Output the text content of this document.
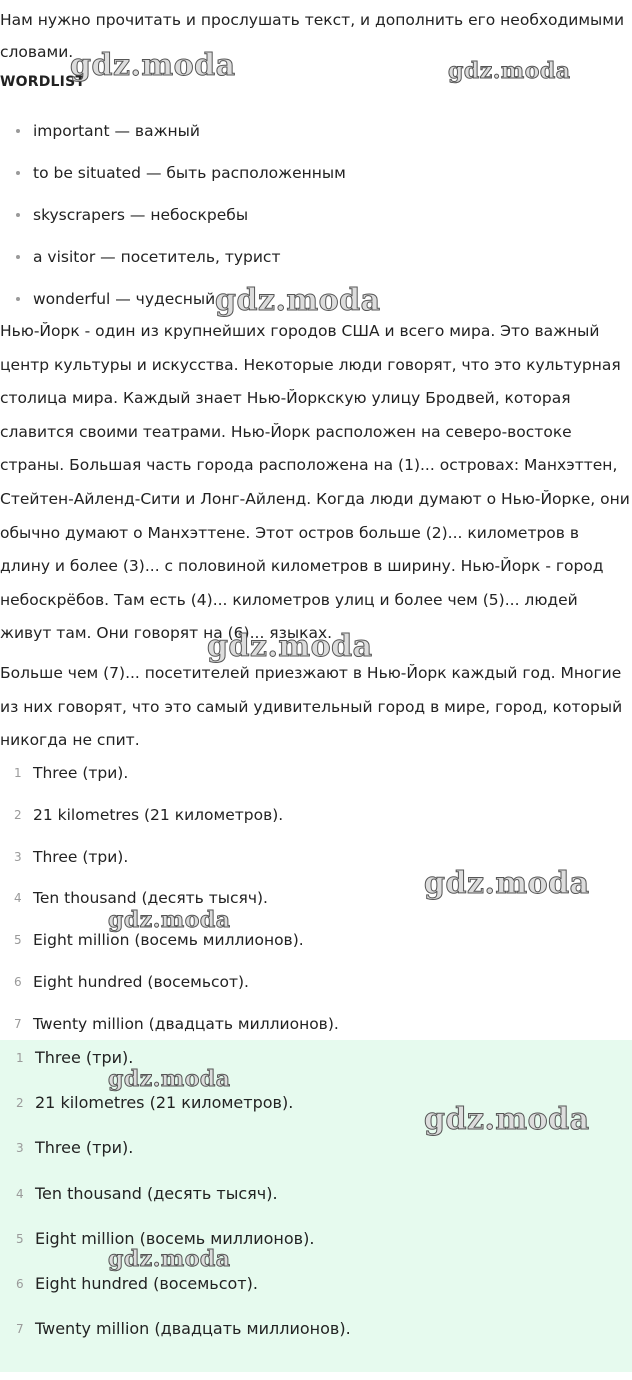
Нам нужно прочитать и прослушать текст, и дополнить его необходимыми словами.

WORDLIST

important — важный
to be situated — быть расположенным
skyscrapers — небоскребы
a visitor — посетитель, турист
wonderful — чудесный

Нью-Йорк - один из крупнейших городов США и всего мира. Это важный центр культуры и искусства. Некоторые люди говорят, что это культурная столица мира. Каждый знает Нью-Йоркскую улицу Бродвей, которая славится своими театрами. Нью-Йорк расположен на северо-востоке страны. Большая часть города расположена на (1)... островах: Манхэттен, Стейтен-Айленд-Сити и Лонг-Айленд. Когда люди думают о Нью-Йорке, они обычно думают о Манхэттене. Этот остров больше (2)... километров в длину и более (3)... с половиной километров в ширину. Нью-Йорк - город небоскрёбов. Там есть (4)... километров улиц и более чем (5)... людей живут там. Они говорят на (6)... языках.

Больше чем (7)... посетителей приезжают в Нью-Йорк каждый год. Многие из них говорят, что это самый удивительный город в мире, город, который никогда не спит.

1 Three (три).
2 21 kilometres (21 километров).
3 Three (три).
4 Ten thousand (десять тысяч).
5 Eight million (восемь миллионов).
6 Eight hundred (восемьсот).
7 Twenty million (двадцать миллионов).
1 Three (три).
2 21 kilometres (21 километров).
3 Three (три).
4 Ten thousand (десять тысяч).
5 Eight million (восемь миллионов).
6 Eight hundred (восемьсот).
7 Twenty million (двадцать миллионов).
gdz.moda	gdz.moda
gdz.moda
gdz.moda
gdz.moda
gdz.moda
gdz.moda
gdz.moda
gdz.moda
